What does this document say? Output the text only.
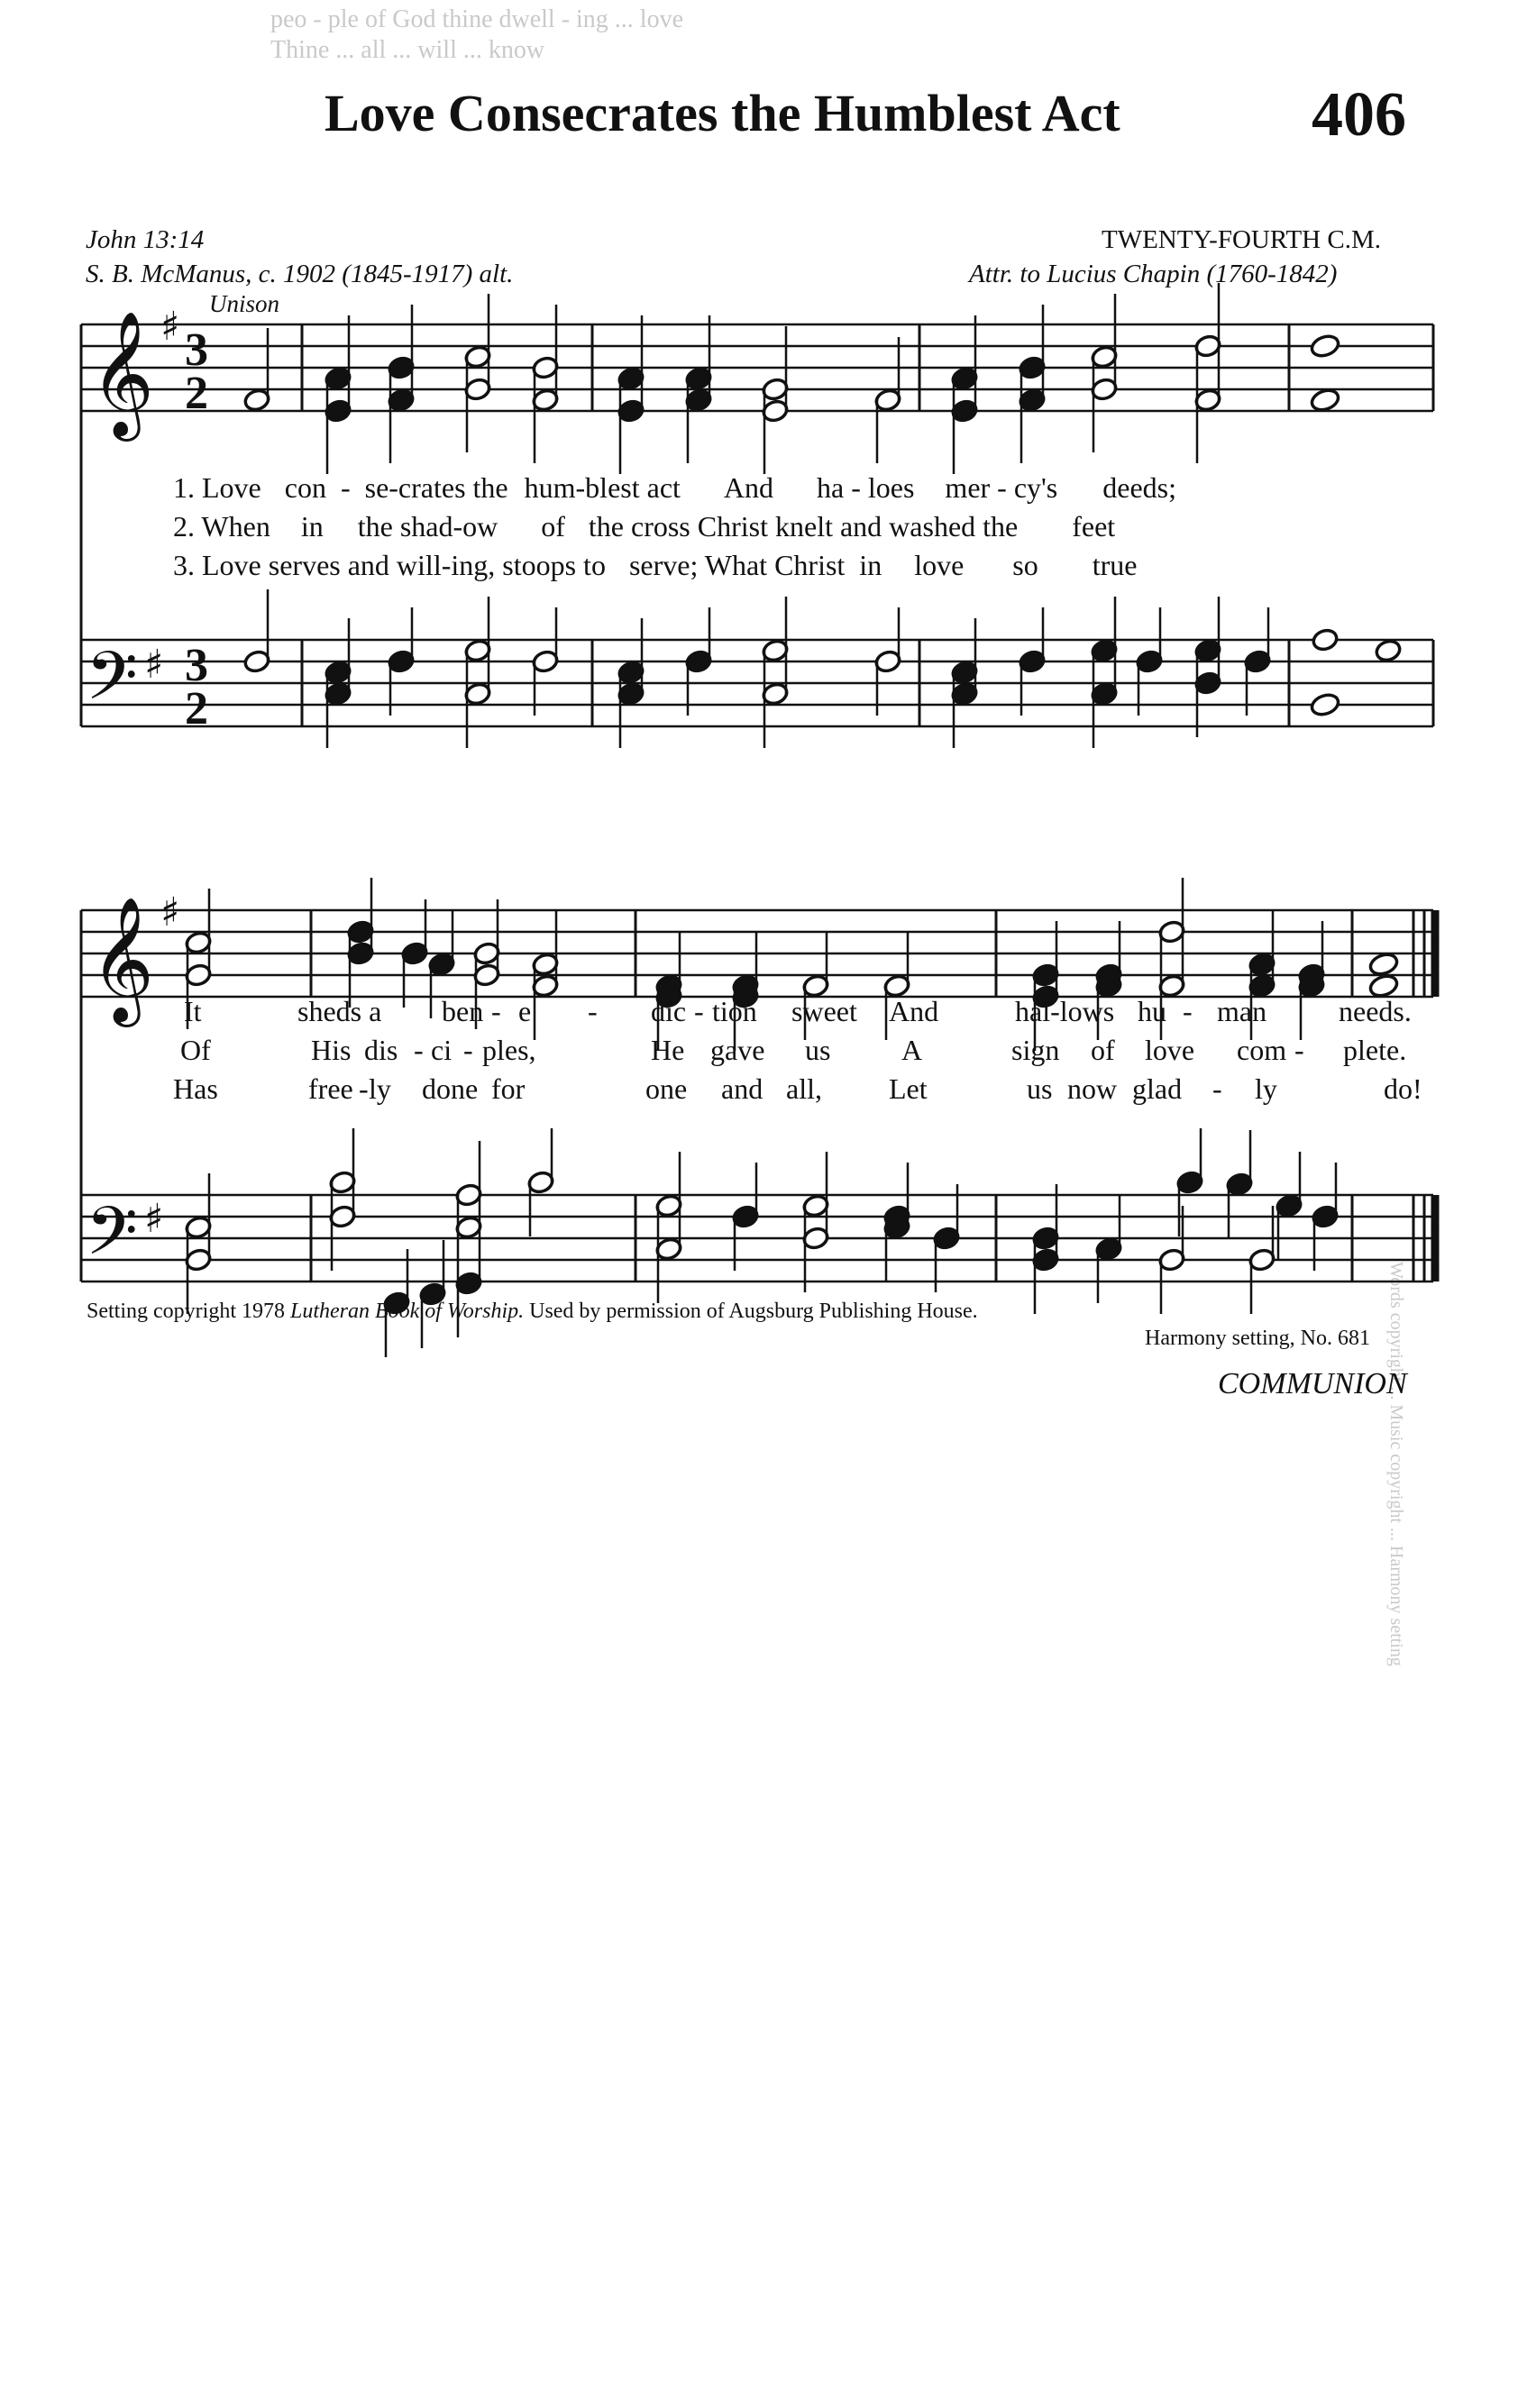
peo - ple of God thine dwell - ing ... love
Thine ... all ... will ... know
Words copyright ... Music copyright ... Harmony setting
Love Consecrates the Humblest Act	406
John 13:14
S. B. McManus, c. 1902 (1845-1917) alt.
TWENTY-FOURTH C.M.
Attr. to Lucius Chapin (1760-1842)
Unison
𝄞
𝄢
𝄞
𝄢
♯
♯
♯
♯
3
2
3
2
1. Love con - se-crates the hum-blest act And ha - loes mer - cy's deeds;
2. When in the shad-ow of the cross Christ knelt and washed the feet
3. Love serves and will-ing, stoops to serve; What Christ in love so true
It	sheds a ben - e - dic - tion sweet And	hal-lows hu - man needs.
Of	His dis - ci - ples,	He gave us A	sign of love com - plete.
Has	free - ly done for	one and all, Let	us now glad - ly	do!
Setting copyright 1978 Lutheran Book of Worship. Used by permission of Augsburg Publishing House.
Harmony setting, No. 681
COMMUNION
